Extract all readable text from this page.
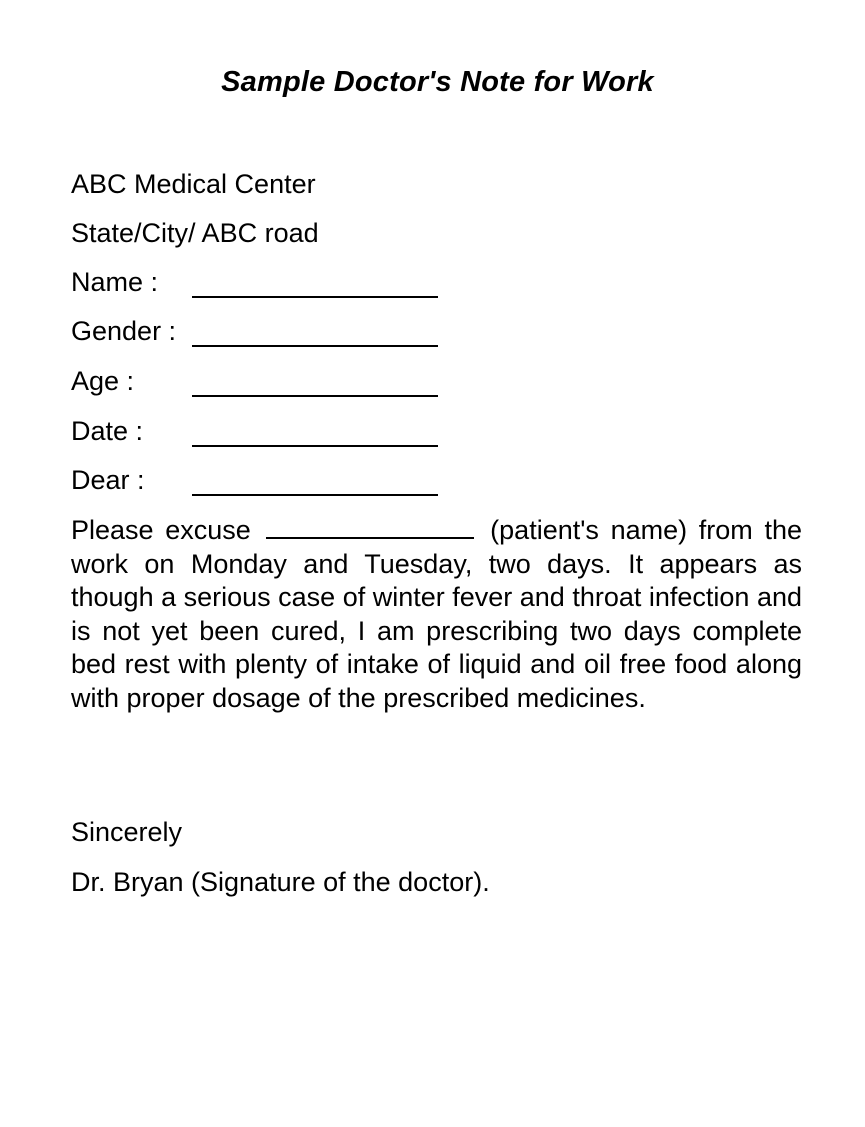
Sample Doctor's Note for Work
ABC Medical Center
State/City/ ABC road
Name :
Gender :
Age :
Date :
Dear :
Please excuse	(patient's name) from the work on Monday and Tuesday, two days. It appears as though a serious case of winter fever and throat infection and is not yet been cured, I am prescribing two days complete bed rest with plenty of intake of liquid and oil free food along with proper dosage of the prescribed medicines.
Sincerely
Dr. Bryan (Signature of the doctor).
